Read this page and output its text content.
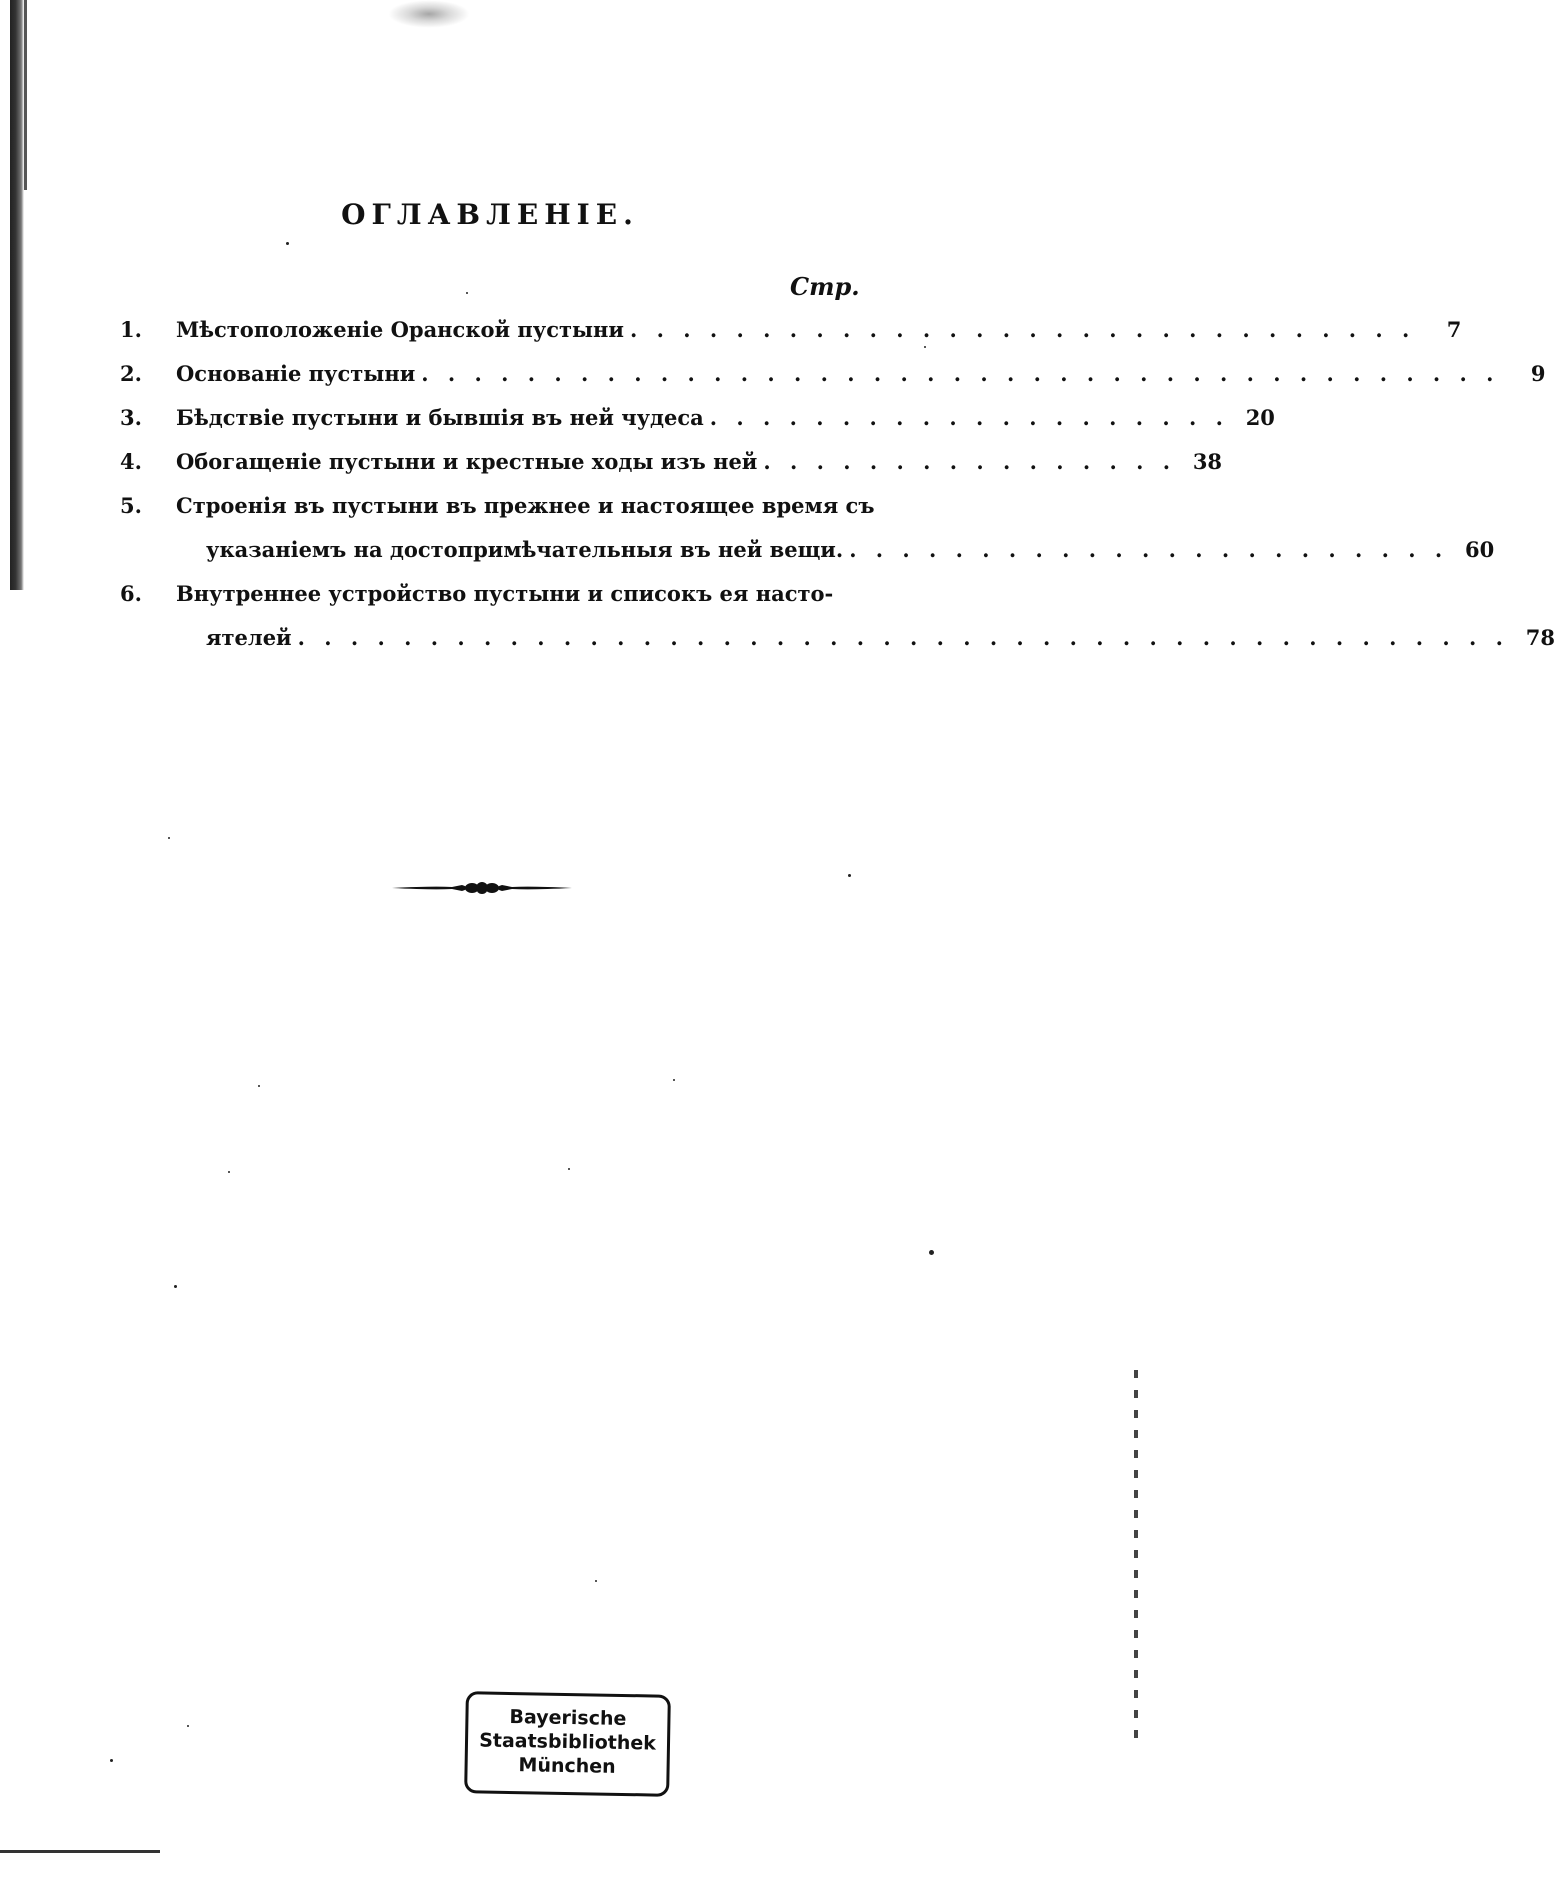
ОГЛАВЛЕНІЕ.
Стр.
1.	Мѣстоположеніе Оранской пустыни . . . . . . . . . . . . . . . . . . . . . . . . . . . . . .	7
2.	Основаніе пустыни . . . . . . . . . . . . . . . . . . . . . . . . . . . . . . . . . . . . . . . . .	9
3.	Бѣдствіе пустыни и бывшія въ ней чудеса . . . . . . . . . . . . . . . . . . . . 20
4.	Обогащеніе пустыни и крестные ходы изъ ней . . . . . . . . . . . . . . . . 38
5.	Строенія въ пустыни въ прежнее и настоящее время съ
указаніемъ на достопримѣчательныя въ ней вещи. . . . . . . . . . . . . . . . . . . . . . . . 60
6.	Внутреннее устройство пустыни и списокъ ея насто-
ятелей . . . . . . . . . . . . . . . . . . . . . . . . . . . . . . . . . . . . . . . . . . . . . . 78
Bayerische
Staatsbibliothek
München
